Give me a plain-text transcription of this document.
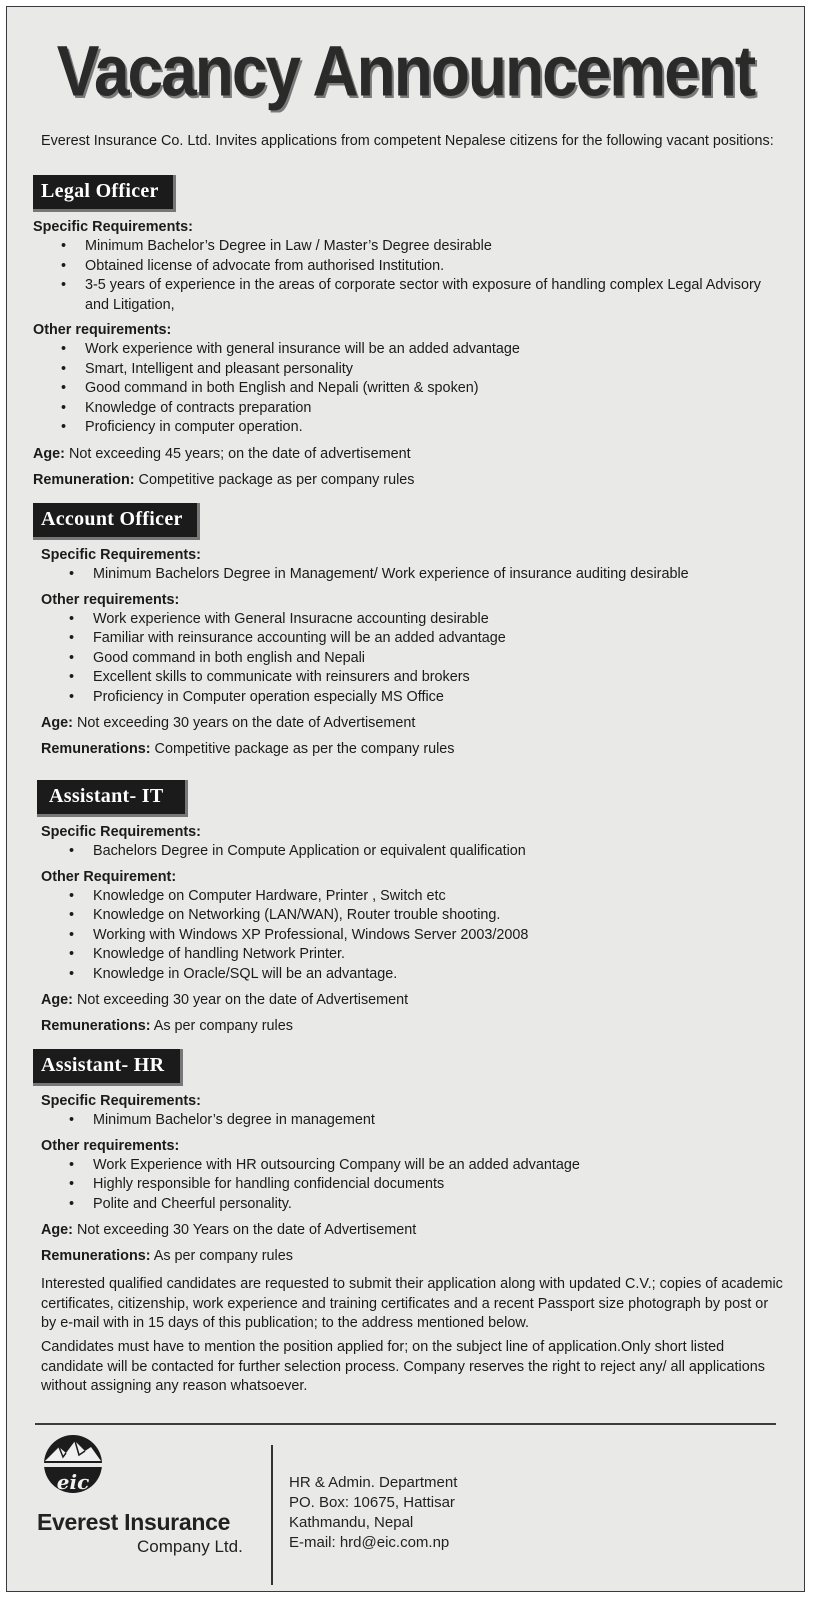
Vacancy Announcement
Everest Insurance Co. Ltd. Invites applications from competent Nepalese citizens for the following vacant positions:
Legal Officer
Specific Requirements:
• Minimum Bachelor’s Degree in Law / Master’s Degree desirable
• Obtained license of advocate from authorised Institution.
• 3-5 years of experience in the areas of corporate sector with exposure of handling complex Legal Advisory and Litigation,
Other requirements:
• Work experience with general insurance will be an added advantage
• Smart, Intelligent and pleasant personality
• Good command in both English and Nepali (written & spoken)
• Knowledge of contracts preparation
• Proficiency in computer operation.
Age: Not exceeding 45 years; on the date of advertisement
Remuneration: Competitive package as per company rules
Account Officer
Specific Requirements:
• Minimum Bachelors Degree in Management/ Work experience of insurance auditing desirable
Other requirements:
• Work experience with General Insuracne accounting desirable
• Familiar with reinsurance accounting will be an added advantage
• Good command in both english and Nepali
• Excellent skills to communicate with reinsurers and brokers
• Proficiency in Computer operation especially MS Office
Age: Not exceeding 30 years on the date of Advertisement
Remunerations: Competitive package as per the company rules
Assistant- IT
Specific Requirements:
• Bachelors Degree in Compute Application or equivalent qualification
Other Requirement:
• Knowledge on Computer Hardware, Printer , Switch etc
• Knowledge on Networking (LAN/WAN), Router trouble shooting.
• Working with Windows XP Professional, Windows Server 2003/2008
• Knowledge of handling Network Printer.
• Knowledge in Oracle/SQL will be an advantage.
Age: Not exceeding 30 year on the date of Advertisement
Remunerations: As per company rules
Assistant- HR
Specific Requirements:
• Minimum Bachelor’s degree in management
Other requirements:
• Work Experience with HR outsourcing Company will be an added advantage
• Highly responsible for handling confidencial documents
• Polite and Cheerful personality.
Age: Not exceeding 30 Years on the date of Advertisement
Remunerations: As per company rules
Interested qualified candidates are requested to submit their application along with updated C.V.; copies of academic certificates, citizenship, work experience and training certificates and a recent Passport size photograph by post or by e-mail with in 15 days of this publication; to the address mentioned below.
Candidates must have to mention the position applied for; on the subject line of application.Only short listed candidate will be contacted for further selection process. Company reserves the right to reject any/ all applications without assigning any reason whatsoever.
eic
Everest Insurance
Company Ltd.
HR & Admin. Department
PO. Box: 10675, Hattisar
Kathmandu, Nepal
E-mail: hrd@eic.com.np
